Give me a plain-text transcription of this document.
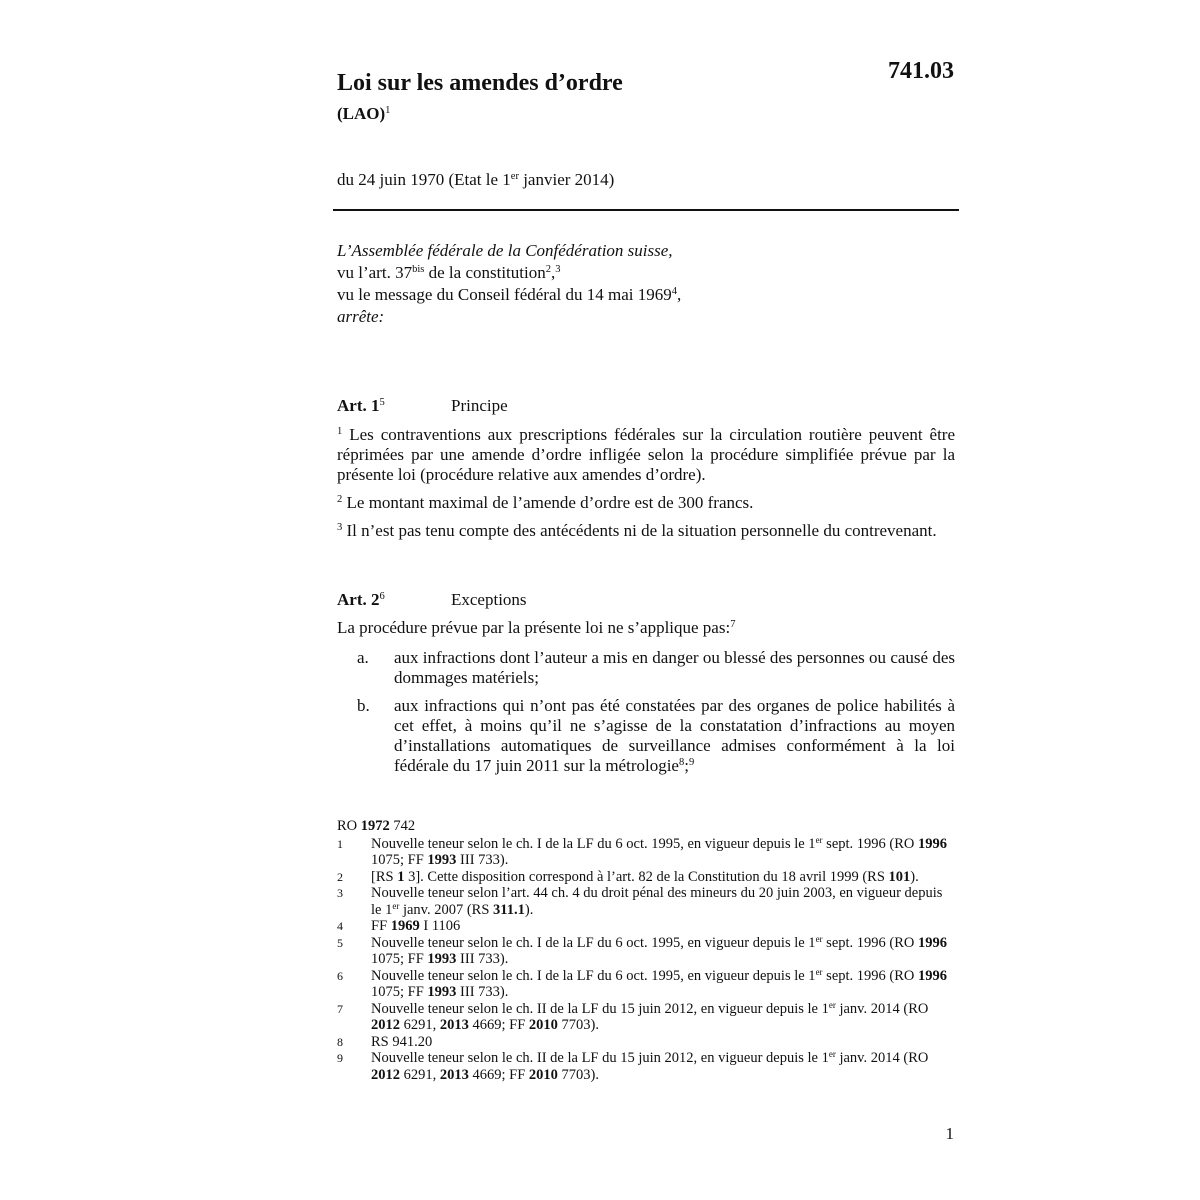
741.03
Loi sur les amendes d’ordre
(LAO)$^1$
du 24 juin 1970 (Etat le 1er janvier 2014)
L’Assemblée fédérale de la Confédération suisse,
vu l’art. $37^{bis}$ de la constitution$^2$,$^3$
vu le message du Conseil fédéral du 14 mai 1969$^4$,
arrête:
Art. $1^5$	Principe
$^1$ Les contraventions aux prescriptions fédérales sur la circulation routière peuvent être réprimées par une amende d’ordre infligée selon la procédure simplifiée prévue par la présente loi (procédure relative aux amendes d’ordre).
$^2$ Le montant maximal de l’amende d’ordre est de 300 francs.
$^3$ Il n’est pas tenu compte des antécédents ni de la situation personnelle du contrevenant.
Art. $2^6$	Exceptions
La procédure prévue par la présente loi ne s’applique pas:$^7$
a. aux infractions dont l’auteur a mis en danger ou blessé des personnes ou causé des dommages matériels;
b. aux infractions qui n’ont pas été constatées par des organes de police habilités à cet effet, à moins qu’il ne s’agisse de la constatation d’infractions au moyen d’installations automatiques de surveillance admises conformément à la loi fédérale du 17 juin 2011 sur la métrologie$^8$;$^9$
RO 1972 742
1 Nouvelle teneur selon le ch. I de la LF du 6 oct. 1995, en vigueur depuis le 1er sept. 1996 (RO 1996 1075; FF 1993 III 733).
2 [RS 1 3]. Cette disposition correspond à l’art. 82 de la Constitution du 18 avril 1999 (RS 101).
3 Nouvelle teneur selon l’art. 44 ch. 4 du droit pénal des mineurs du 20 juin 2003, en vigueur depuis le 1er janv. 2007 (RS 311.1).
4 FF 1969 I 1106
5 Nouvelle teneur selon le ch. I de la LF du 6 oct. 1995, en vigueur depuis le 1er sept. 1996 (RO 1996 1075; FF 1993 III 733).
6 Nouvelle teneur selon le ch. I de la LF du 6 oct. 1995, en vigueur depuis le 1er sept. 1996 (RO 1996 1075; FF 1993 III 733).
7 Nouvelle teneur selon le ch. II de la LF du 15 juin 2012, en vigueur depuis le 1er janv. 2014 (RO 2012 6291, 2013 4669; FF 2010 7703).
8 RS 941.20
9 Nouvelle teneur selon le ch. II de la LF du 15 juin 2012, en vigueur depuis le 1er janv. 2014 (RO 2012 6291, 2013 4669; FF 2010 7703).
1
